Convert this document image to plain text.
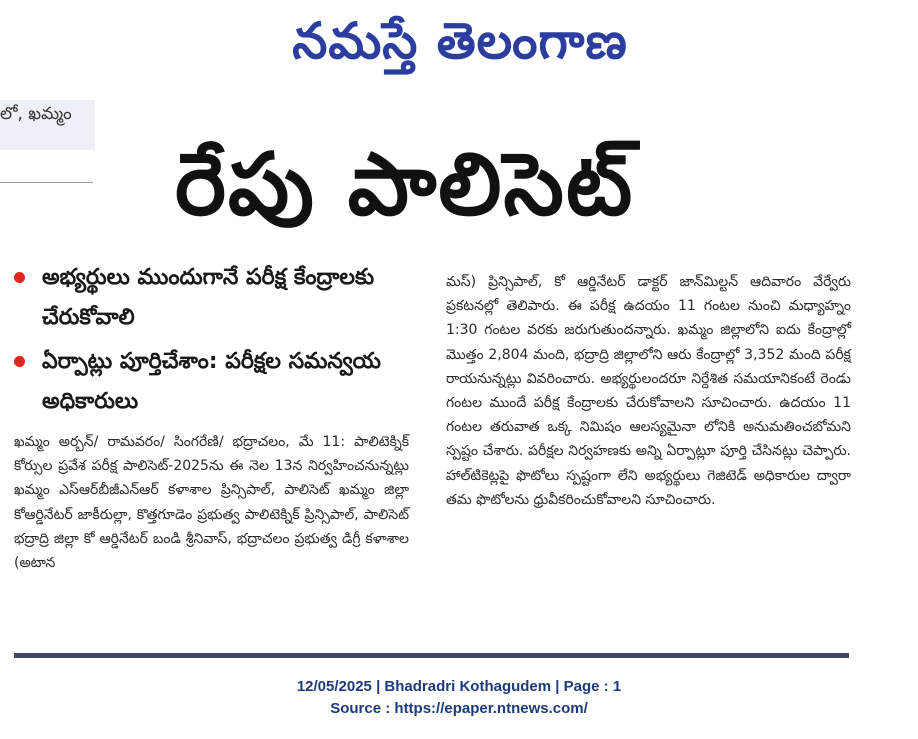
నమస్తే తెలంగాణ
లో, ఖమ్మం
రేపు పాలిసెట్
అభ్యర్థులు ముందుగానే పరీక్ష కేంద్రాలకు చేరుకోవాలి
ఏర్పాట్లు పూర్తిచేశాం: పరీక్షల సమన్వయ అధికారులు

ఖమ్మం అర్బన్/ రామవరం/ సింగరేణి/ భద్రాచలం, మే 11: పాలిటెక్నిక్ కోర్సుల ప్రవేశ పరీక్ష పాలిసెట్-2025ను ఈ నెల 13న నిర్వహించనున్నట్లు ఖమ్మం ఎస్ఆర్‌బీజీఎన్ఆర్ కళాశాల ప్రిన్సిపాల్, పాలిసెట్ ఖమ్మం జిల్లా కోఆర్డినేటర్ జాకీరుల్లా, కొత్తగూడెం ప్రభుత్వ పాలిటెక్నిక్ ప్రిన్సిపాల్, పాలిసెట్ భద్రాద్రి జిల్లా కో ఆర్డినేటర్ బండి శ్రీనివాస్, భద్రాచలం ప్రభుత్వ డిగ్రీ కళాశాల (అటాన

మస్) ప్రిన్సిపాల్, కో ఆర్డినేటర్ డాక్టర్ జాన్‌మిల్టన్ ఆదివారం వేర్వేరు ప్రకటనల్లో తెలిపారు. ఈ పరీక్ష ఉదయం 11 గంటల నుంచి మధ్యాహ్నం 1:30 గంటల వరకు జరుగుతుందన్నారు. ఖమ్మం జిల్లాలోని ఐదు కేంద్రాల్లో మొత్తం 2,804 మంది, భద్రాద్రి జిల్లాలోని ఆరు కేంద్రాల్లో 3,352 మంది పరీక్ష రాయనున్నట్లు వివరించారు. అభ్యర్థులందరూ నిర్దేశిత సమయానికంటే రెండు గంటల ముందే పరీక్ష కేంద్రాలకు చేరుకోవాలని సూచించారు. ఉదయం 11 గంటల తరువాత ఒక్క నిమిషం ఆలస్యమైనా లోనికి అనుమతించబోమని స్పష్టం చేశారు. పరీక్షల నిర్వహణకు అన్ని ఏర్పాట్లూ పూర్తి చేసినట్లు చెప్పారు. హాల్‌టికెట్లపై ఫొటోలు స్పష్టంగా లేని అభ్యర్థులు గెజిటెడ్ అధికారుల ద్వారా తమ ఫొటోలను ధ్రువీకరించుకోవాలని సూచించారు.

12/05/2025 | Bhadradri Kothagudem | Page : 1
Source : https://epaper.ntnews.com/
